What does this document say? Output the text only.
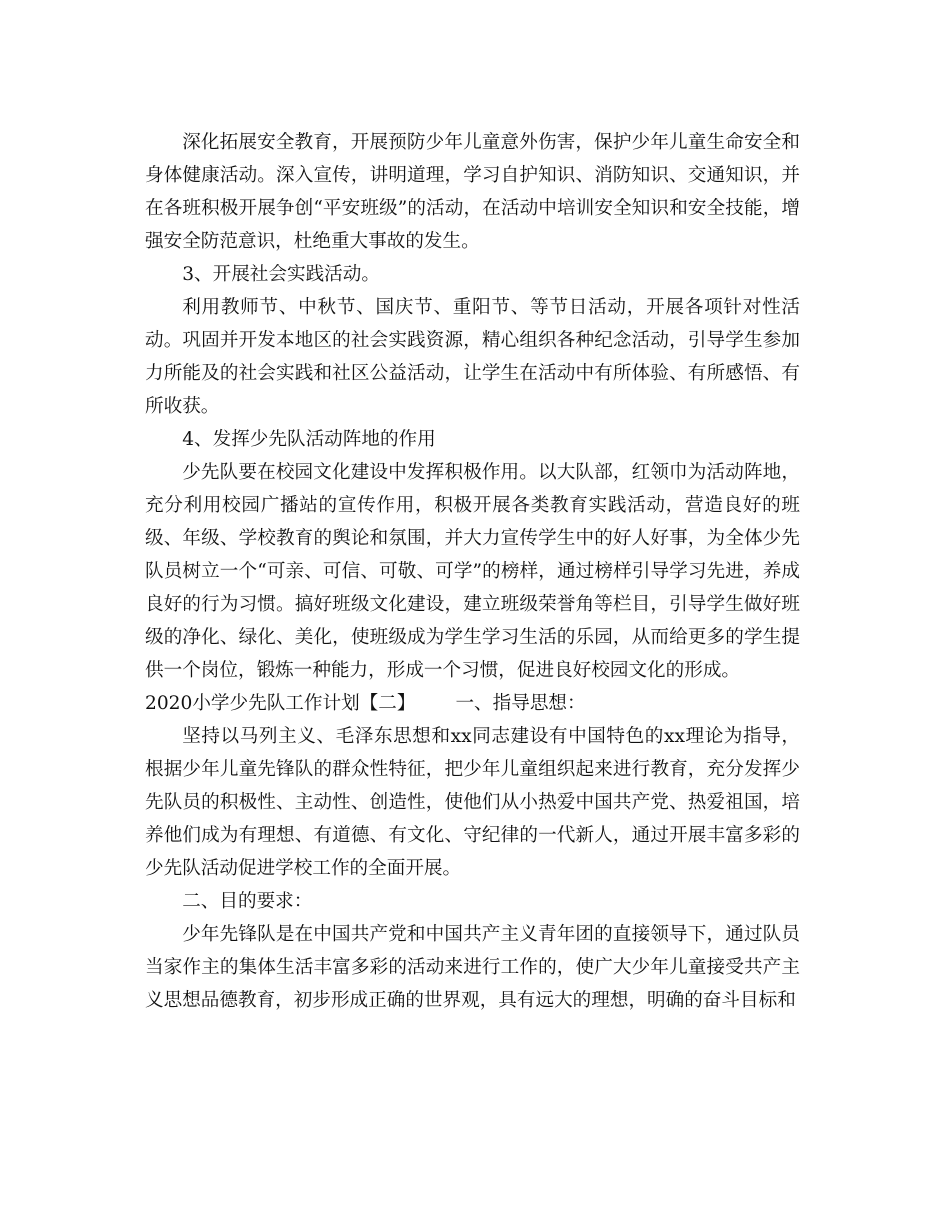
深化拓展安全教育，开展预防少年儿童意外伤害，保护少年儿童生命安全和身体健康活动。深入宣传，讲明道理，学习自护知识、消防知识、交通知识，并在各班积极开展争创“平安班级”的活动，在活动中培训安全知识和安全技能，增强安全防范意识，杜绝重大事故的发生。

3、开展社会实践活动。

利用教师节、中秋节、国庆节、重阳节、等节日活动，开展各项针对性活动。巩固并开发本地区的社会实践资源，精心组织各种纪念活动，引导学生参加力所能及的社会实践和社区公益活动，让学生在活动中有所体验、有所感悟、有所收获。

4、发挥少先队活动阵地的作用

少先队要在校园文化建设中发挥积极作用。以大队部，红领巾为活动阵地，充分利用校园广播站的宣传作用，积极开展各类教育实践活动，营造良好的班级、年级、学校教育的舆论和氛围，并大力宣传学生中的好人好事，为全体少先队员树立一个“可亲、可信、可敬、可学”的榜样，通过榜样引导学习先进，养成良好的行为习惯。搞好班级文化建设，建立班级荣誉角等栏目，引导学生做好班级的净化、绿化、美化，使班级成为学生学习生活的乐园，从而给更多的学生提供一个岗位，锻炼一种能力，形成一个习惯，促进良好校园文化的形成。

2020小学少先队工作计划【二】 一、指导思想：

坚持以马列主义、毛泽东思想和xx同志建设有中国特色的xx理论为指导，根据少年儿童先锋队的群众性特征，把少年儿童组织起来进行教育，充分发挥少先队员的积极性、主动性、创造性，使他们从小热爱中国共产党、热爱祖国，培养他们成为有理想、有道德、有文化、守纪律的一代新人，通过开展丰富多彩的少先队活动促进学校工作的全面开展。

二、目的要求：

少年先锋队是在中国共产党和中国共产主义青年团的直接领导下，通过队员当家作主的集体生活丰富多彩的活动来进行工作的，使广大少年儿童接受共产主义思想品德教育，初步形成正确的世界观，具有远大的理想，明确的奋斗目标和
